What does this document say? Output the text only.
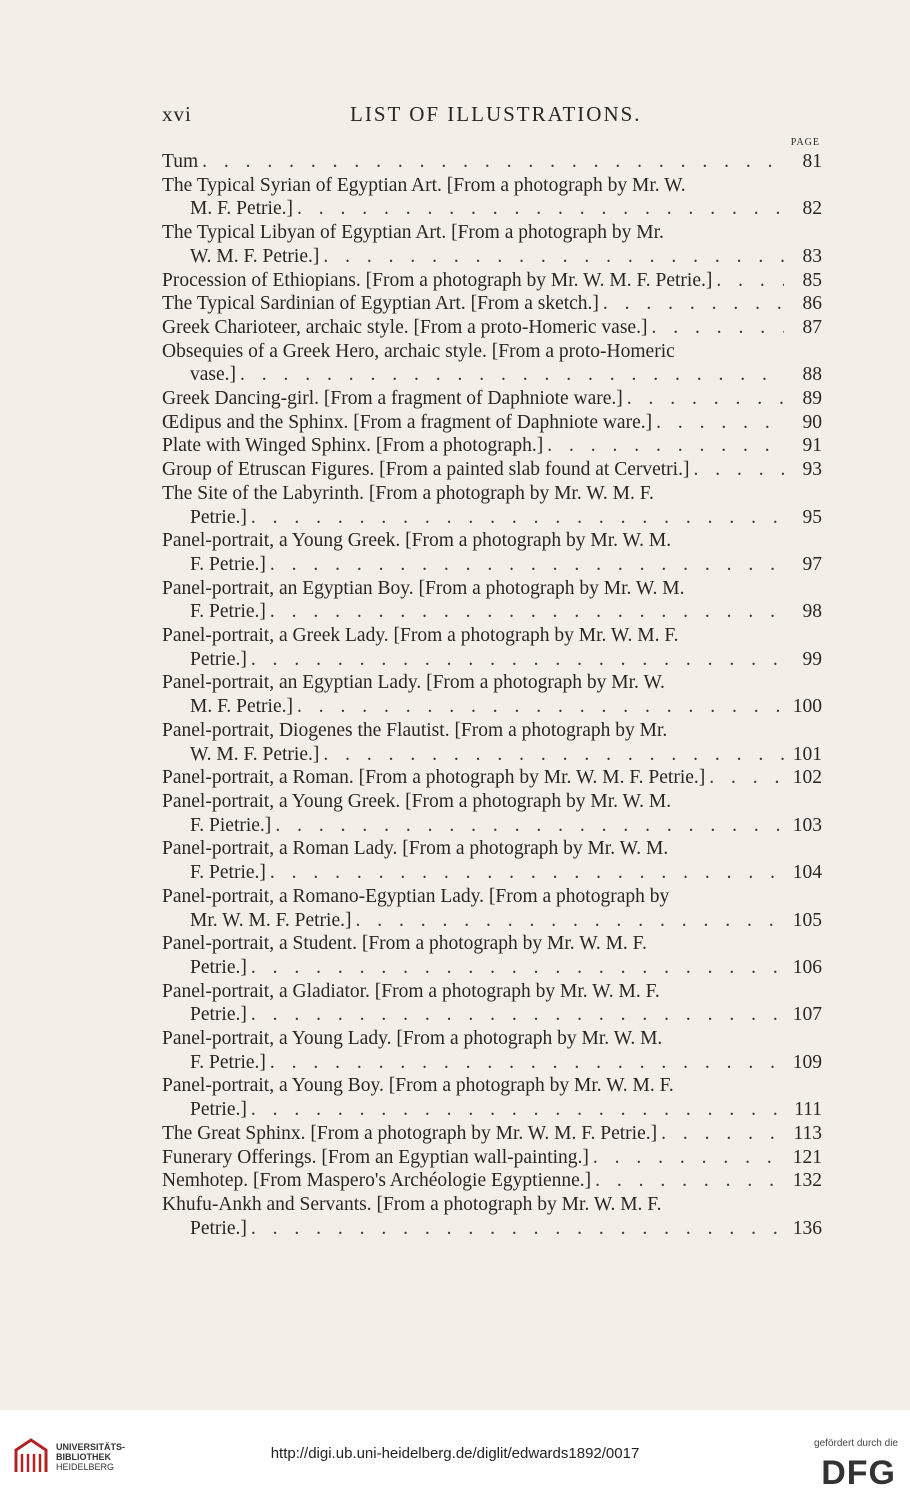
xvi	LIST OF ILLUSTRATIONS.
PAGE
Tum . . .	81
The Typical Syrian of Egyptian Art. [From a photograph by Mr. W.
M. F. Petrie.] . . .	82
The Typical Libyan of Egyptian Art. [From a photograph by Mr.
W. M. F. Petrie.] . . .	83
Procession of Ethiopians. [From a photograph by Mr. W. M. F. Petrie.] . . .	85
The Typical Sardinian of Egyptian Art. [From a sketch.] . . .	86
Greek Charioteer, archaic style. [From a proto-Homeric vase.] . . .	87
Obsequies of a Greek Hero, archaic style. [From a proto-Homeric
vase.] . . .	88
Greek Dancing-girl. [From a fragment of Daphniote ware.] . . .	89
Œdipus and the Sphinx. [From a fragment of Daphniote ware.] . . .	90
Plate with Winged Sphinx. [From a photograph.] . . .	91
Group of Etruscan Figures. [From a painted slab found at Cervetri.] . . .	93
The Site of the Labyrinth. [From a photograph by Mr. W. M. F.
Petrie.] . . .	95
Panel-portrait, a Young Greek. [From a photograph by Mr. W. M.
F. Petrie.] . . .	97
Panel-portrait, an Egyptian Boy. [From a photograph by Mr. W. M.
F. Petrie.] . . .	98
Panel-portrait, a Greek Lady. [From a photograph by Mr. W. M. F.
Petrie.] . . .	99
Panel-portrait, an Egyptian Lady. [From a photograph by Mr. W.
M. F. Petrie.] . . .	100
Panel-portrait, Diogenes the Flautist. [From a photograph by Mr.
W. M. F. Petrie.] . . .	101
Panel-portrait, a Roman. [From a photograph by Mr. W. M. F. Petrie.] . . .	102
Panel-portrait, a Young Greek. [From a photograph by Mr. W. M.
F. Pietrie.] . . .	103
Panel-portrait, a Roman Lady. [From a photograph by Mr. W. M.
F. Petrie.] . . .	104
Panel-portrait, a Romano-Egyptian Lady. [From a photograph by
Mr. W. M. F. Petrie.] . . .	105
Panel-portrait, a Student. [From a photograph by Mr. W. M. F.
Petrie.] . . .	106
Panel-portrait, a Gladiator. [From a photograph by Mr. W. M. F.
Petrie.] . . .	107
Panel-portrait, a Young Lady. [From a photograph by Mr. W. M.
F. Petrie.] . . .	109
Panel-portrait, a Young Boy. [From a photograph by Mr. W. M. F.
Petrie.] . . .	111
The Great Sphinx. [From a photograph by Mr. W. M. F. Petrie.] . . .	113
Funerary Offerings. [From an Egyptian wall-painting.] . . .	121
Nemhotep. [From Maspero's Archéologie Egyptienne.] . . .	132
Khufu-Ankh and Servants. [From a photograph by Mr. W. M. F.
Petrie.] . . .	136
UNIVERSITÄTS-
BIBLIOTHEK
HEIDELBERG
http://digi.ub.uni-heidelberg.de/diglit/edwards1892/0017
gefördert durch die
DFG
